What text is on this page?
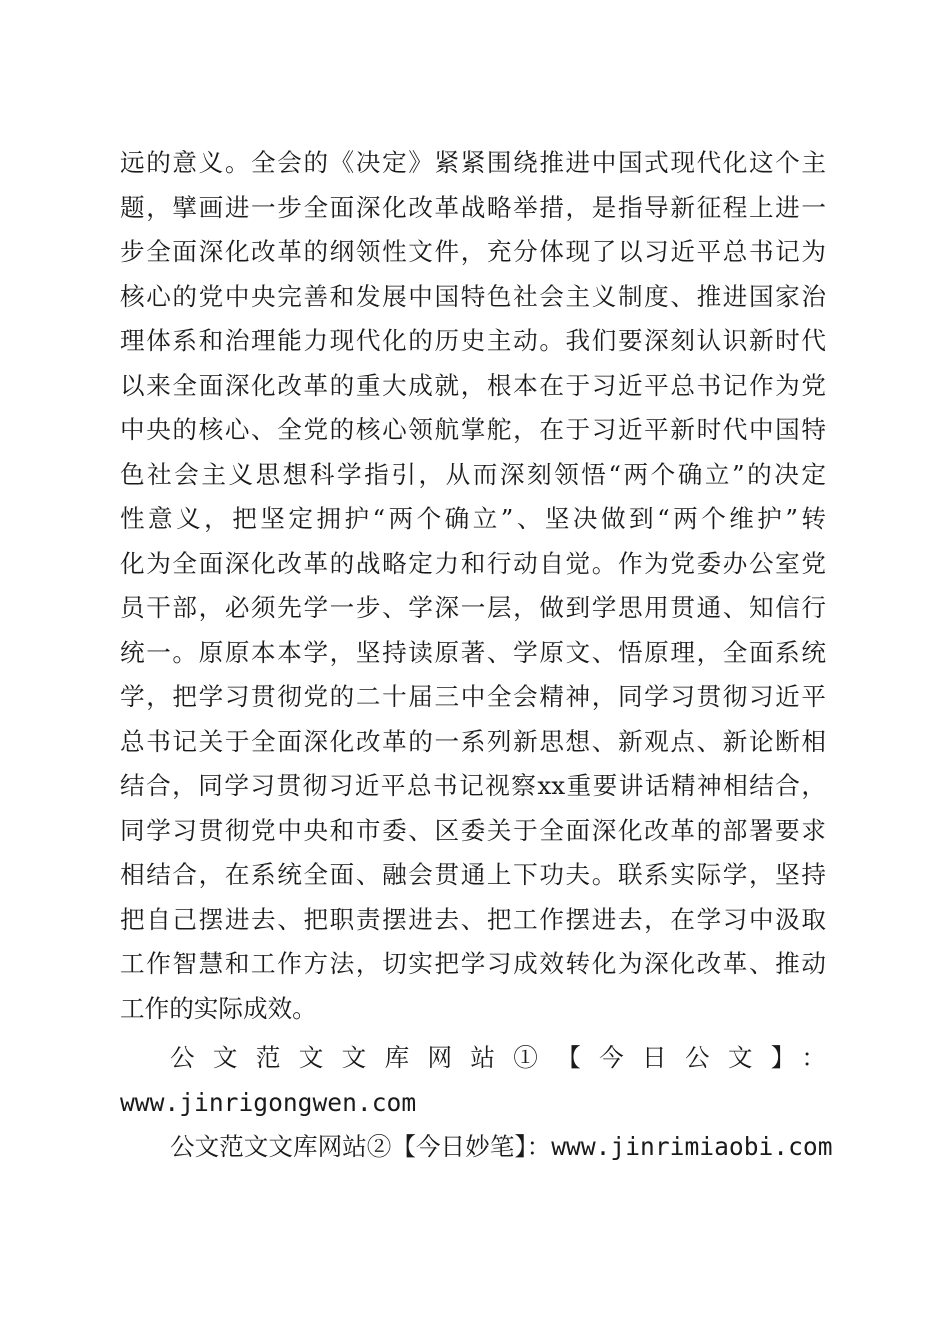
远的意义。全会的《决定》紧紧围绕推进中国式现代化这个主
题，擘画进一步全面深化改革战略举措，是指导新征程上进一
步全面深化改革的纲领性文件，充分体现了以习近平总书记为
核心的党中央完善和发展中国特色社会主义制度、推进国家治
理体系和治理能力现代化的历史主动。我们要深刻认识新时代
以来全面深化改革的重大成就，根本在于习近平总书记作为党
中央的核心、全党的核心领航掌舵，在于习近平新时代中国特
色社会主义思想科学指引，从而深刻领悟“两个确立”的决定
性意义，把坚定拥护“两个确立”、坚决做到“两个维护”转
化为全面深化改革的战略定力和行动自觉。作为党委办公室党
员干部，必须先学一步、学深一层，做到学思用贯通、知信行
统一。原原本本学，坚持读原著、学原文、悟原理，全面系统
学，把学习贯彻党的二十届三中全会精神，同学习贯彻习近平
总书记关于全面深化改革的一系列新思想、新观点、新论断相
结合，同学习贯彻习近平总书记视察xx重要讲话精神相结合，
同学习贯彻党中央和市委、区委关于全面深化改革的部署要求
相结合，在系统全面、融会贯通上下功夫。联系实际学，坚持
把自己摆进去、把职责摆进去、把工作摆进去，在学习中汲取
工作智慧和工作方法，切实把学习成效转化为深化改革、推动
工作的实际成效。
公文范文文库网站①【今日公文】：
www.jinrigongwen.com
公文范文文库网站②【今日妙笔】：www.jinrimiaobi.com
